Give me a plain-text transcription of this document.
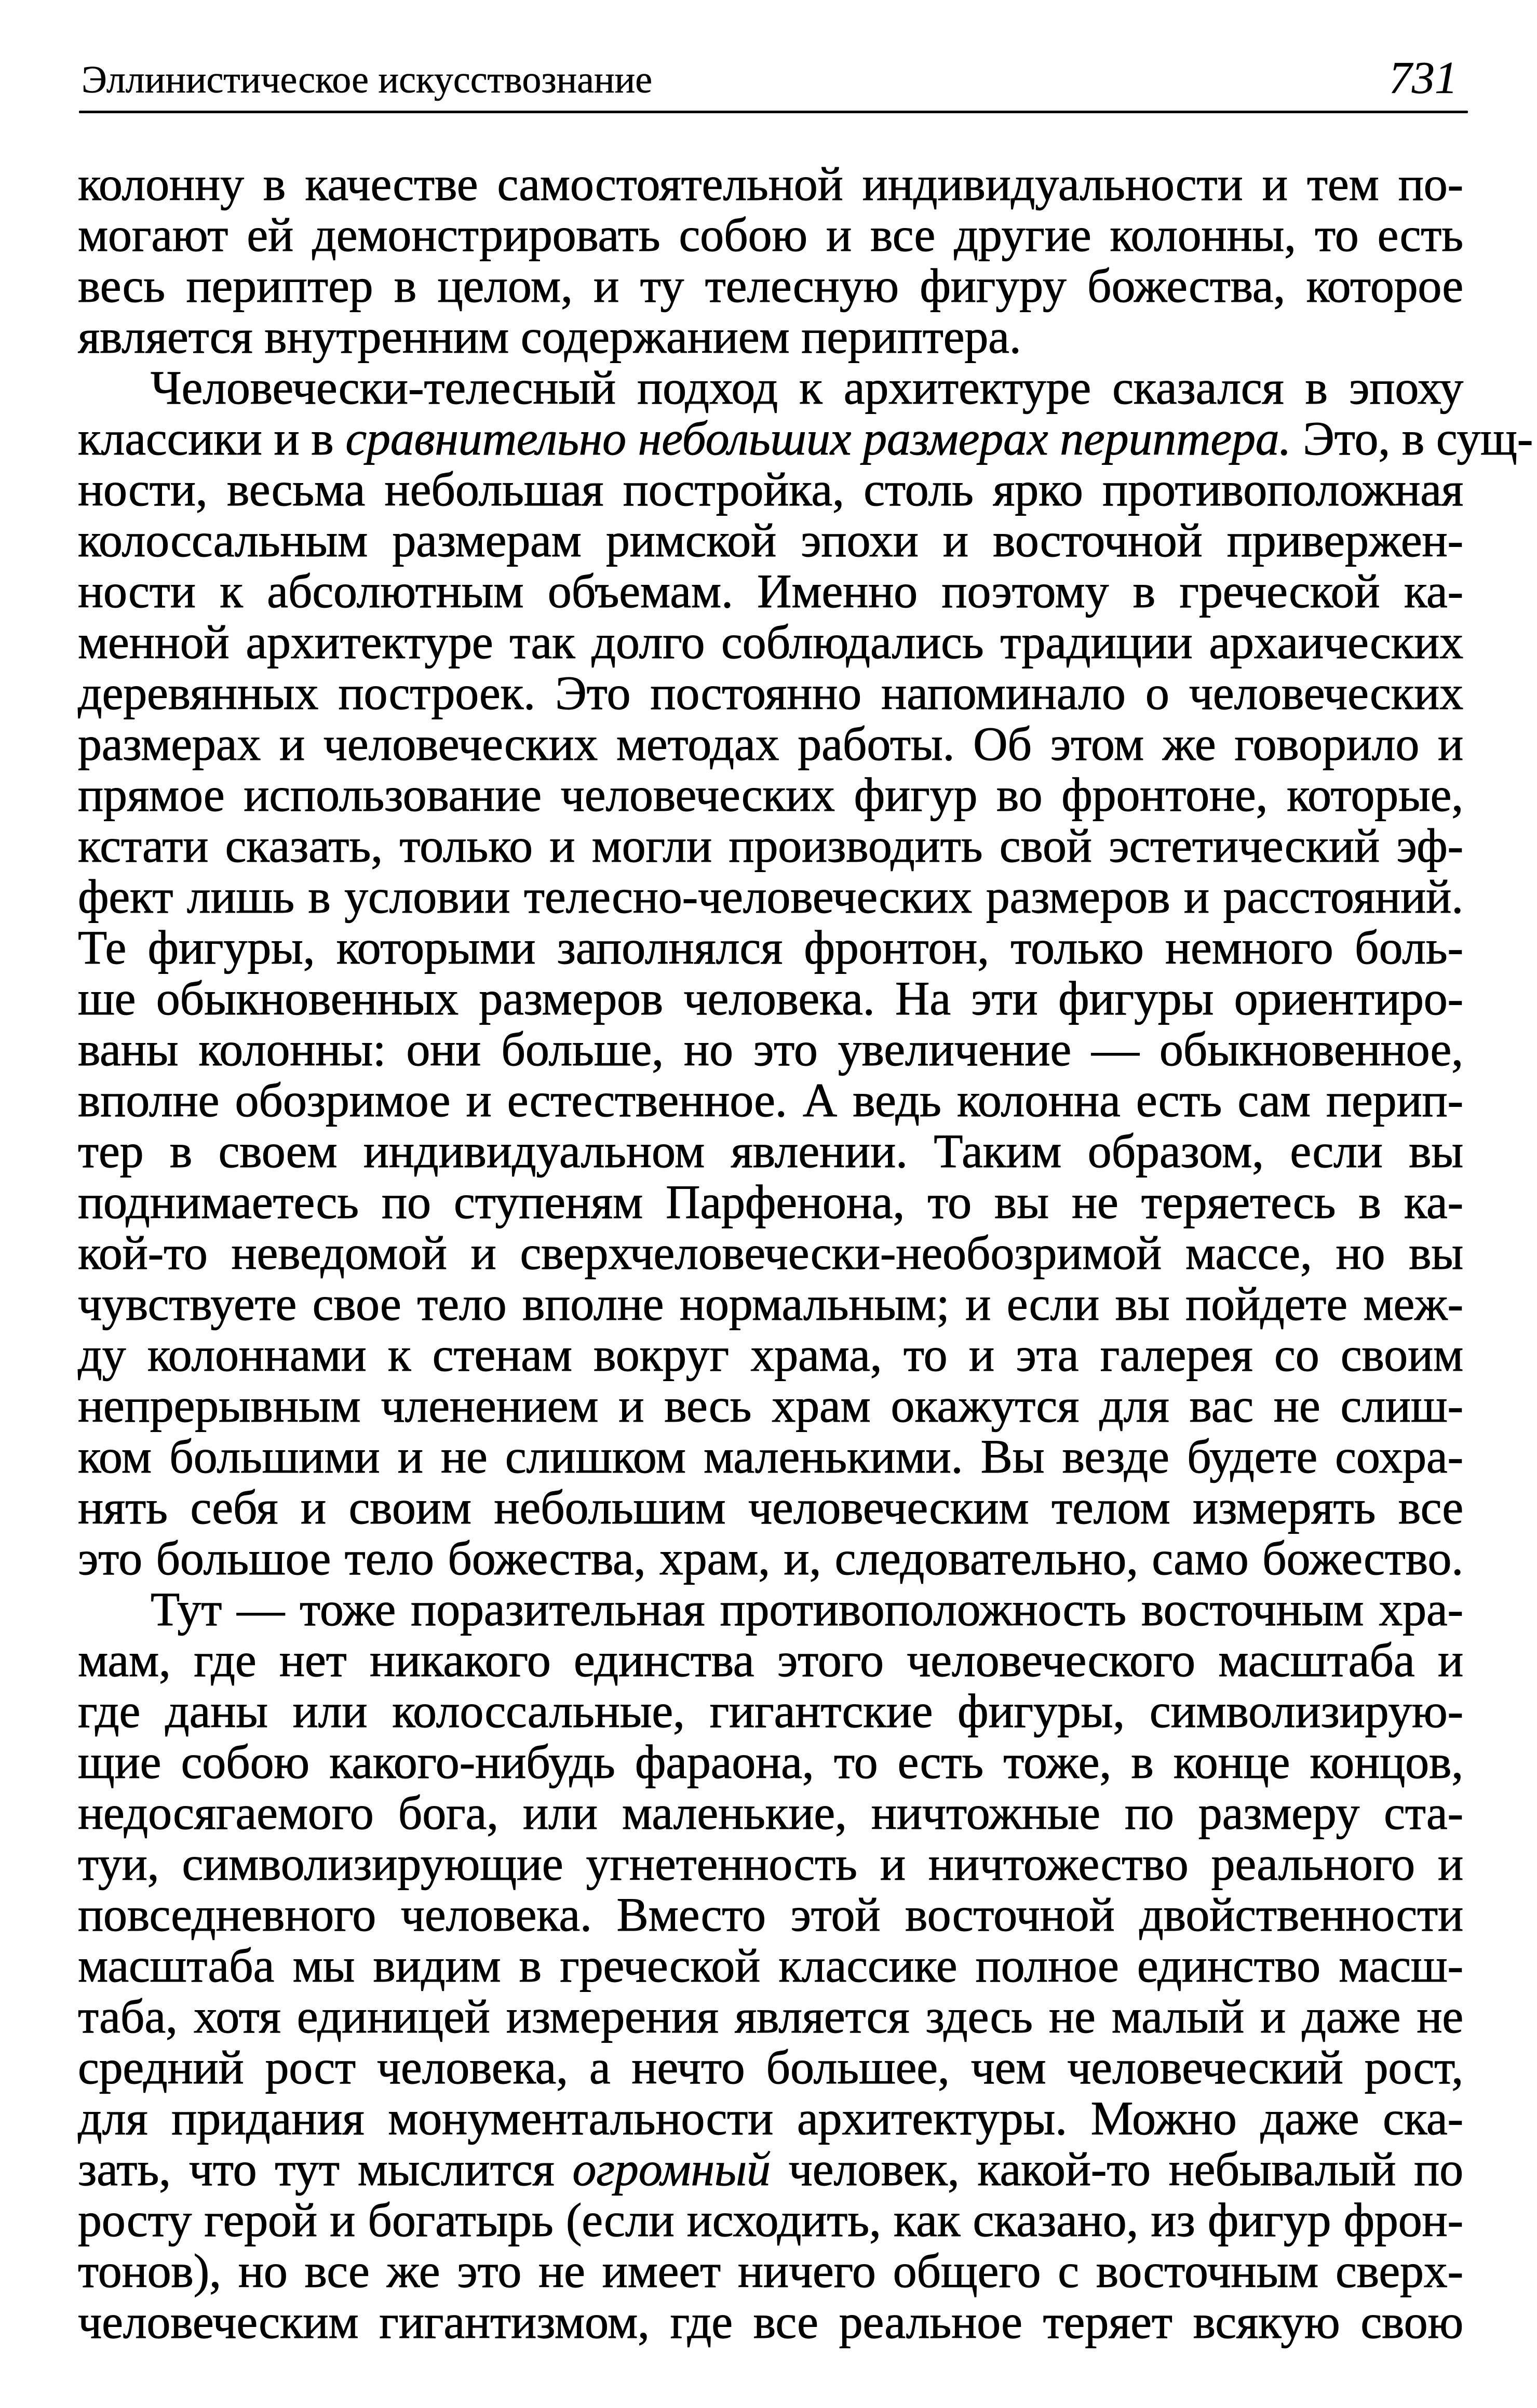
Эллинистическое искусствознание	731
колонну в качестве самостоятельной индивидуальности и тем по-
могают ей демонстрировать собою и все другие колонны, то есть
весь периптер в целом, и ту телесную фигуру божества, которое
является внутренним содержанием периптера.
Человечески-телесный подход к архитектуре сказался в эпоху
классики и в сравнительно небольших размерах периптера. Это, в сущ-
ности, весьма небольшая постройка, столь ярко противоположная
колоссальным размерам римской эпохи и восточной привержен-
ности к абсолютным объемам. Именно поэтому в греческой ка-
менной архитектуре так долго соблюдались традиции архаических
деревянных построек. Это постоянно напоминало о человеческих
размерах и человеческих методах работы. Об этом же говорило и
прямое использование человеческих фигур во фронтоне, которые,
кстати сказать, только и могли производить свой эстетический эф-
фект лишь в условии телесно-человеческих размеров и расстояний.
Те фигуры, которыми заполнялся фронтон, только немного боль-
ше обыкновенных размеров человека. На эти фигуры ориентиро-
ваны колонны: они больше, но это увеличение — обыкновенное,
вполне обозримое и естественное. А ведь колонна есть сам перип-
тер в своем индивидуальном явлении. Таким образом, если вы
поднимаетесь по ступеням Парфенона, то вы не теряетесь в ка-
кой-то неведомой и сверхчеловечески-необозримой массе, но вы
чувствуете свое тело вполне нормальным; и если вы пойдете меж-
ду колоннами к стенам вокруг храма, то и эта галерея со своим
непрерывным членением и весь храм окажутся для вас не слиш-
ком большими и не слишком маленькими. Вы везде будете сохра-
нять себя и своим небольшим человеческим телом измерять все
это большое тело божества, храм, и, следовательно, само божество.
Тут — тоже поразительная противоположность восточным хра-
мам, где нет никакого единства этого человеческого масштаба и
где даны или колоссальные, гигантские фигуры, символизирую-
щие собою какого-нибудь фараона, то есть тоже, в конце концов,
недосягаемого бога, или маленькие, ничтожные по размеру ста-
туи, символизирующие угнетенность и ничтожество реального и
повседневного человека. Вместо этой восточной двойственности
масштаба мы видим в греческой классике полное единство масш-
таба, хотя единицей измерения является здесь не малый и даже не
средний рост человека, а нечто большее, чем человеческий рост,
для придания монументальности архитектуры. Можно даже ска-
зать, что тут мыслится огромный человек, какой-то небывалый по
росту герой и богатырь (если исходить, как сказано, из фигур фрон-
тонов), но все же это не имеет ничего общего с восточным сверх-
человеческим гигантизмом, где все реальное теряет всякую свою
